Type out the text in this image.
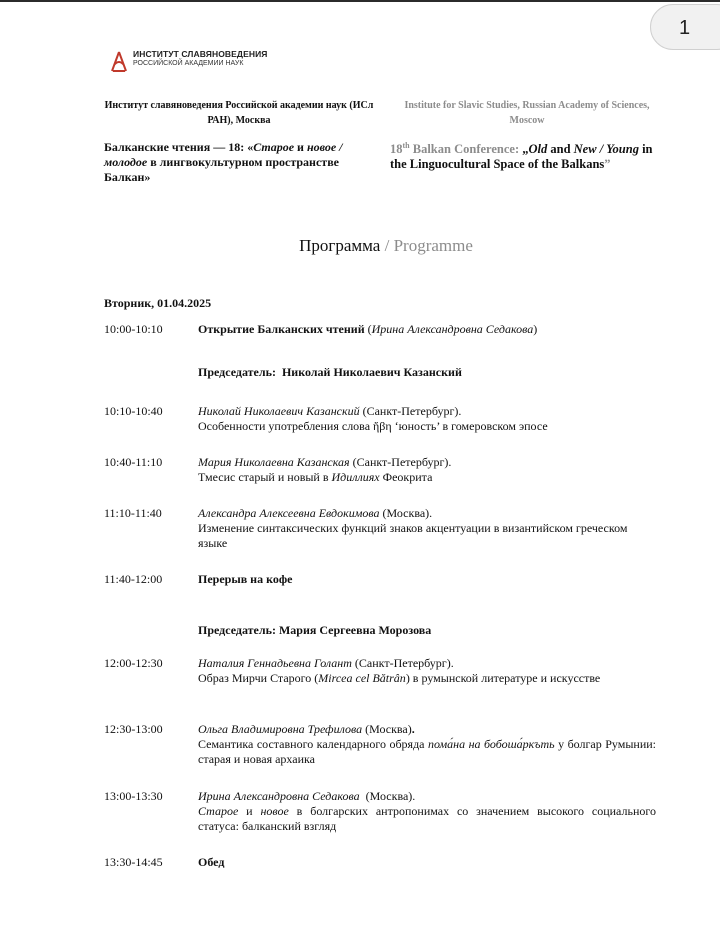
1
ИНСТИТУТ СЛАВЯНОВЕДЕНИЯ
РОССИЙСКОЙ АКАДЕМИИ НАУК
Институт славяноведения Российской академии наук (ИСл РАН), Москва
Institute for Slavic Studies, Russian Academy of Sciences, Moscow
Балканские чтения — 18: «Старое и новое / молодое в лингвокультурном пространстве Балкан»
18th Balkan Conference: „Old and New / Young in the Linguocultural Space of the Balkans”
Программа / Programme
Вторник, 01.04.2025
10:00-10:10	Открытие Балканских чтений (Ирина Александровна Седакова)
Председатель:  Николай Николаевич Казанский
10:10-10:40	Николай Николаевич Казанский (Санкт-Петербург).
Особенности употребления слова ἥβη ‘юность’ в гомеровском эпосе
10:40-11:10	Мария Николаевна Казанская (Санкт-Петербург).
Тмесис старый и новый в Идиллиях Феокрита
11:10-11:40	Александра Алексеевна Евдокимова (Москва).
Изменение синтаксических функций знаков акцентуации в византийском греческом языке
11:40-12:00	Перерыв на кофе
Председатель: Мария Сергеевна Морозова
12:00-12:30	Наталия Геннадьевна Голант (Санкт-Петербург).
Образ Мирчи Старого (Mircea cel Bătrân) в румынской литературе и искусстве
12:30-13:00	Ольга Владимировна Трефилова (Москва).
Семантика составного календарного обряда пома́на на бобоша́ркъть у болгар Румынии: старая и новая архаика
13:00-13:30	Ирина Александровна Седакова  (Москва).
Старое и новое в болгарских антропонимах со значением высокого социального статуса: балканский взгляд
13:30-14:45	Обед
